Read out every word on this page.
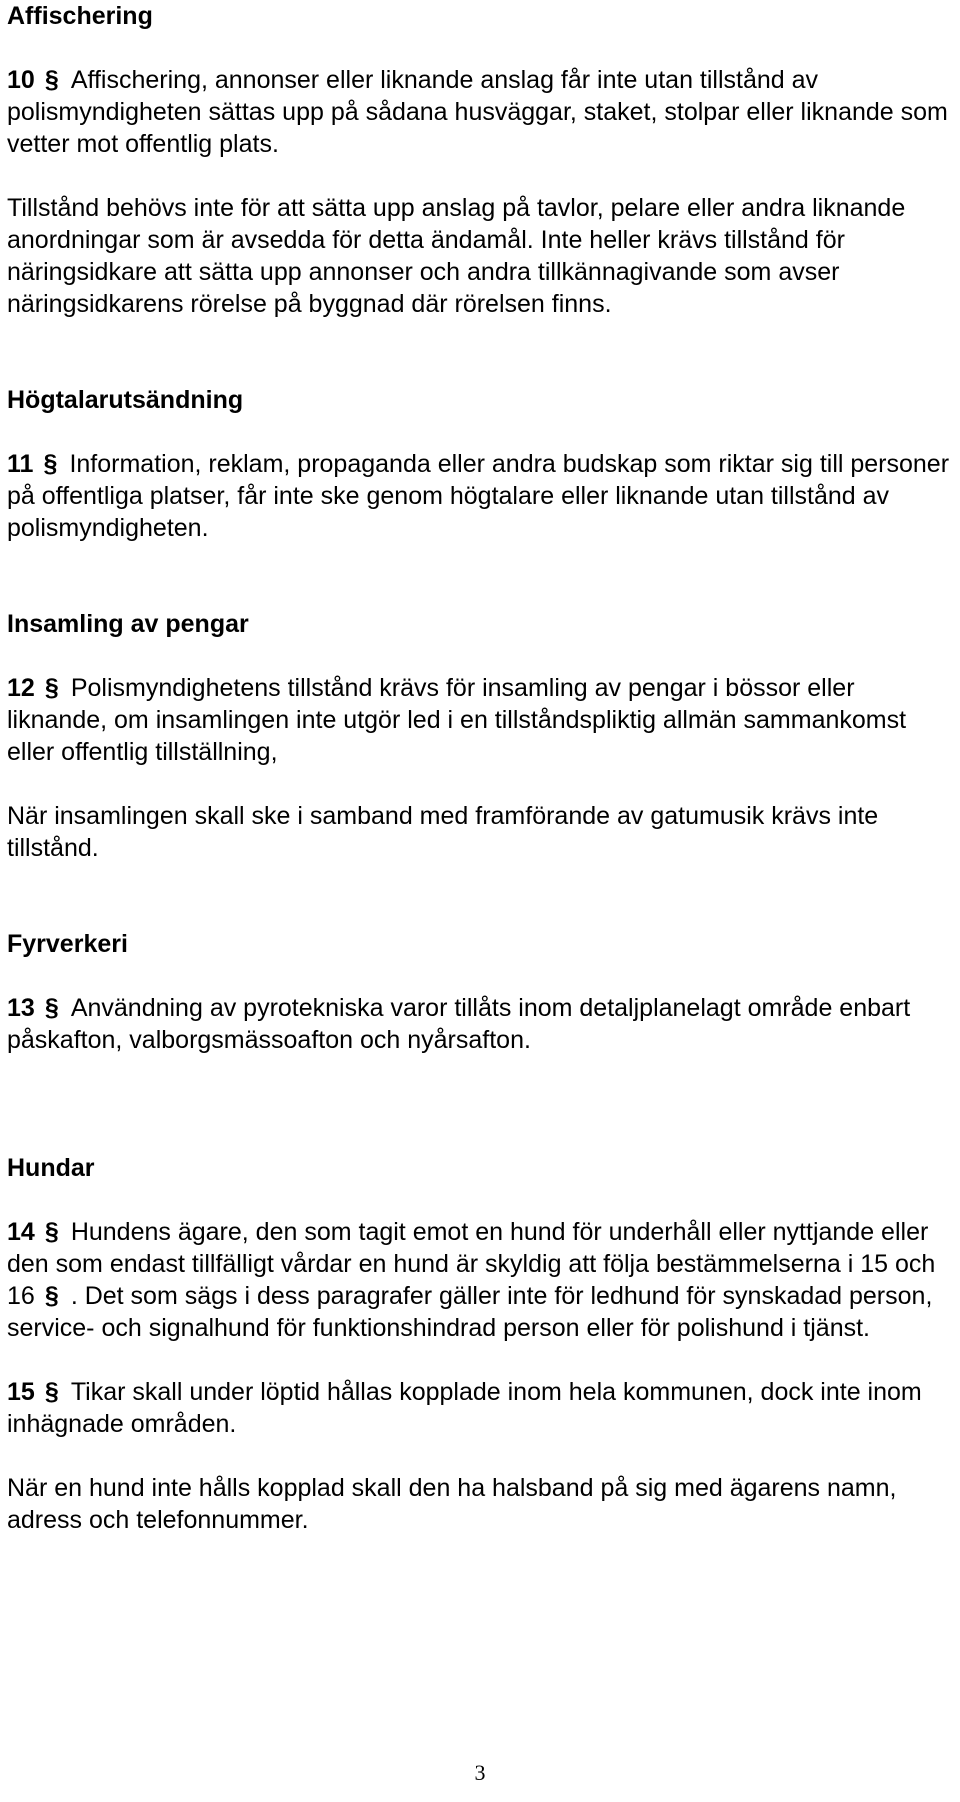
Affischering

10 § Affischering, annonser eller liknande anslag får inte utan tillstånd av polismyndigheten sättas upp på sådana husväggar, staket, stolpar eller liknande som vetter mot offentlig plats.

Tillstånd behövs inte för att sätta upp anslag på tavlor, pelare eller andra liknande anordningar som är avsedda för detta ändamål. Inte heller krävs tillstånd för näringsidkare att sätta upp annonser och andra tillkännagivande som avser näringsidkarens rörelse på byggnad där rörelsen finns.

Högtalarutsändning

11 § Information, reklam, propaganda eller andra budskap som riktar sig till personer på offentliga platser, får inte ske genom högtalare eller liknande utan tillstånd av polismyndigheten.

Insamling av pengar

12 § Polismyndighetens tillstånd krävs för insamling av pengar i bössor eller liknande, om insamlingen inte utgör led i en tillståndspliktig allmän sammankomst eller offentlig tillställning,

När insamlingen skall ske i samband med framförande av gatumusik krävs inte tillstånd.

Fyrverkeri

13 § Användning av pyrotekniska varor tillåts inom detaljplanelagt område enbart påskafton, valborgsmässoafton och nyårsafton.

Hundar

14 § Hundens ägare, den som tagit emot en hund för underhåll eller nyttjande eller den som endast tillfälligt vårdar en hund är skyldig att följa bestämmelserna i 15 och 16 § . Det som sägs i dess paragrafer gäller inte för ledhund för synskadad person, service- och signalhund för funktionshindrad person eller för polishund i tjänst.

15 § Tikar skall under löptid hållas kopplade inom hela kommunen, dock inte inom inhägnade områden.

När en hund inte hålls kopplad skall den ha halsband på sig med ägarens namn, adress och telefonnummer.

3
